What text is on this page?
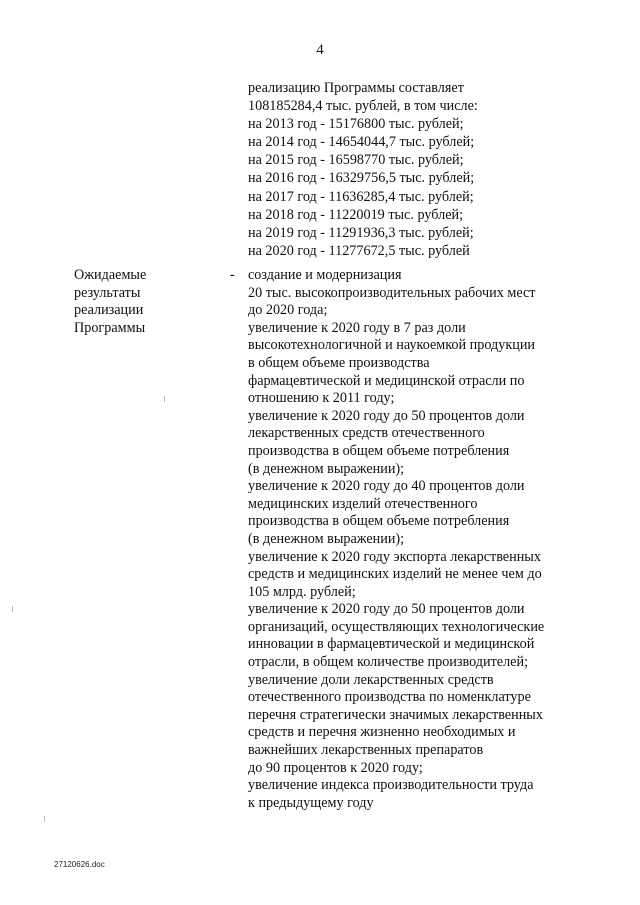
4
реализацию Программы составляет
108185284,4 тыс. рублей, в том числе:
на 2013 год - 15176800 тыс. рублей;
на 2014 год - 14654044,7 тыс. рублей;
на 2015 год - 16598770 тыс. рублей;
на 2016 год - 16329756,5 тыс. рублей;
на 2017 год - 11636285,4 тыс. рублей;
на 2018 год - 11220019 тыс. рублей;
на 2019 год - 11291936,3 тыс. рублей;
на 2020 год - 11277672,5 тыс. рублей
Ожидаемые
результаты
реализации
Программы
- создание и модернизация
20 тыс. высокопроизводительных рабочих мест
до 2020 года;
увеличение к 2020 году в 7 раз доли
высокотехнологичной и наукоемкой продукции
в общем объеме производства
фармацевтической и медицинской отрасли по
отношению к 2011 году;
увеличение к 2020 году до 50 процентов доли
лекарственных средств отечественного
производства в общем объеме потребления
(в денежном выражении);
увеличение к 2020 году до 40 процентов доли
медицинских изделий отечественного
производства в общем объеме потребления
(в денежном выражении);
увеличение к 2020 году экспорта лекарственных
средств и медицинских изделий не менее чем до
105 млрд. рублей;
увеличение к 2020 году до 50 процентов доли
организаций, осуществляющих технологические
инновации в фармацевтической и медицинской
отрасли, в общем количестве производителей;
увеличение доли лекарственных средств
отечественного производства по номенклатуре
перечня стратегически значимых лекарственных
средств и перечня жизненно необходимых и
важнейших лекарственных препаратов
до 90 процентов к 2020 году;
увеличение индекса производительности труда
к предыдущему году
27120626.doc
